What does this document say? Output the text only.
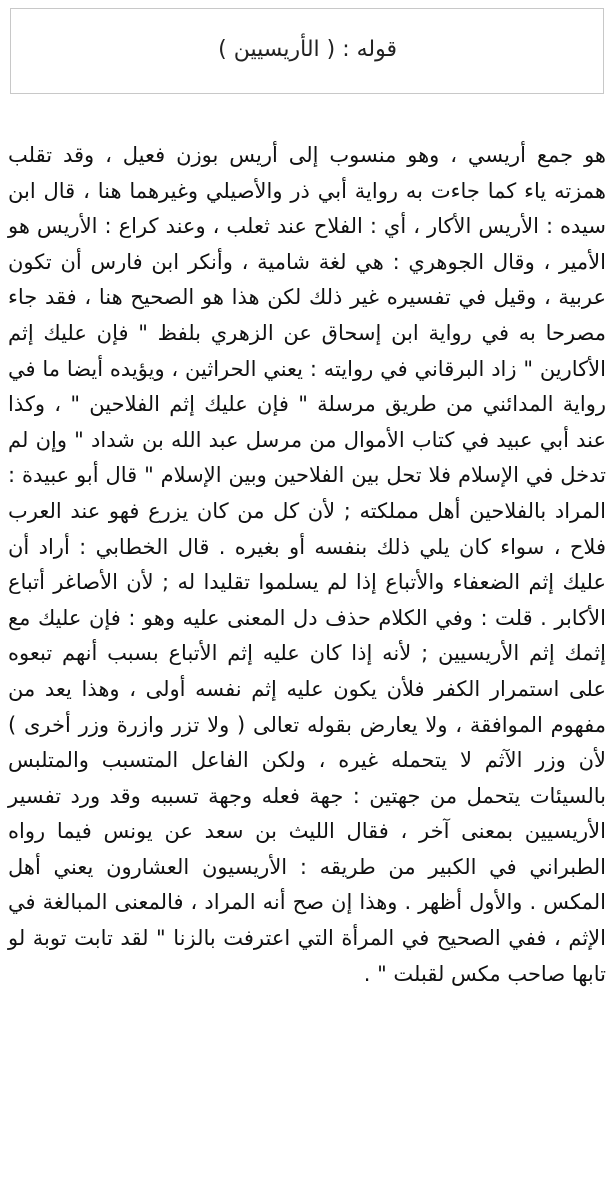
قوله : ( الأريسيين )

هو جمع أريسي ، وهو منسوب إلى أريس بوزن فعيل ، وقد تقلب همزته ياء كما جاءت به رواية أبي ذر والأصيلي وغيرهما هنا ، قال ابن سيده : الأريس الأكار ، أي : الفلاح عند ثعلب ، وعند كراع : الأريس هو الأمير ، وقال الجوهري : هي لغة شامية ، وأنكر ابن فارس أن تكون عربية ، وقيل في تفسيره غير ذلك لكن هذا هو الصحيح هنا ، فقد جاء مصرحا به في رواية ابن إسحاق عن الزهري بلفظ " فإن عليك إثم الأكارين " زاد البرقاني في روايته : يعني الحراثين ، ويؤيده أيضا ما في رواية المدائني من طريق مرسلة " فإن عليك إثم الفلاحين " ، وكذا عند أبي عبيد في كتاب الأموال من مرسل عبد الله بن شداد " وإن لم تدخل في الإسلام فلا تحل بين الفلاحين وبين الإسلام " قال أبو عبيدة : المراد بالفلاحين أهل مملكته ; لأن كل من كان يزرع فهو عند العرب فلاح ، سواء كان يلي ذلك بنفسه أو بغيره . قال الخطابي : أراد أن عليك إثم الضعفاء والأتباع إذا لم يسلموا تقليدا له ; لأن الأصاغر أتباع الأكابر . قلت : وفي الكلام حذف دل المعنى عليه وهو : فإن عليك مع إثمك إثم الأريسيين ; لأنه إذا كان عليه إثم الأتباع بسبب أنهم تبعوه على استمرار الكفر فلأن يكون عليه إثم نفسه أولى ، وهذا يعد من مفهوم الموافقة ، ولا يعارض بقوله تعالى ( ولا تزر وازرة وزر أخرى ) لأن وزر الآثم لا يتحمله غيره ، ولكن الفاعل المتسبب والمتلبس بالسيئات يتحمل من جهتين : جهة فعله وجهة تسببه وقد ورد تفسير الأريسيين بمعنى آخر ، فقال الليث بن سعد عن يونس فيما رواه الطبراني في الكبير من طريقه : الأريسيون العشارون يعني أهل المكس . والأول أظهر . وهذا إن صح أنه المراد ، فالمعنى المبالغة في الإثم ، ففي الصحيح في المرأة التي اعترفت بالزنا " لقد تابت توبة لو تابها صاحب مكس لقبلت " .
